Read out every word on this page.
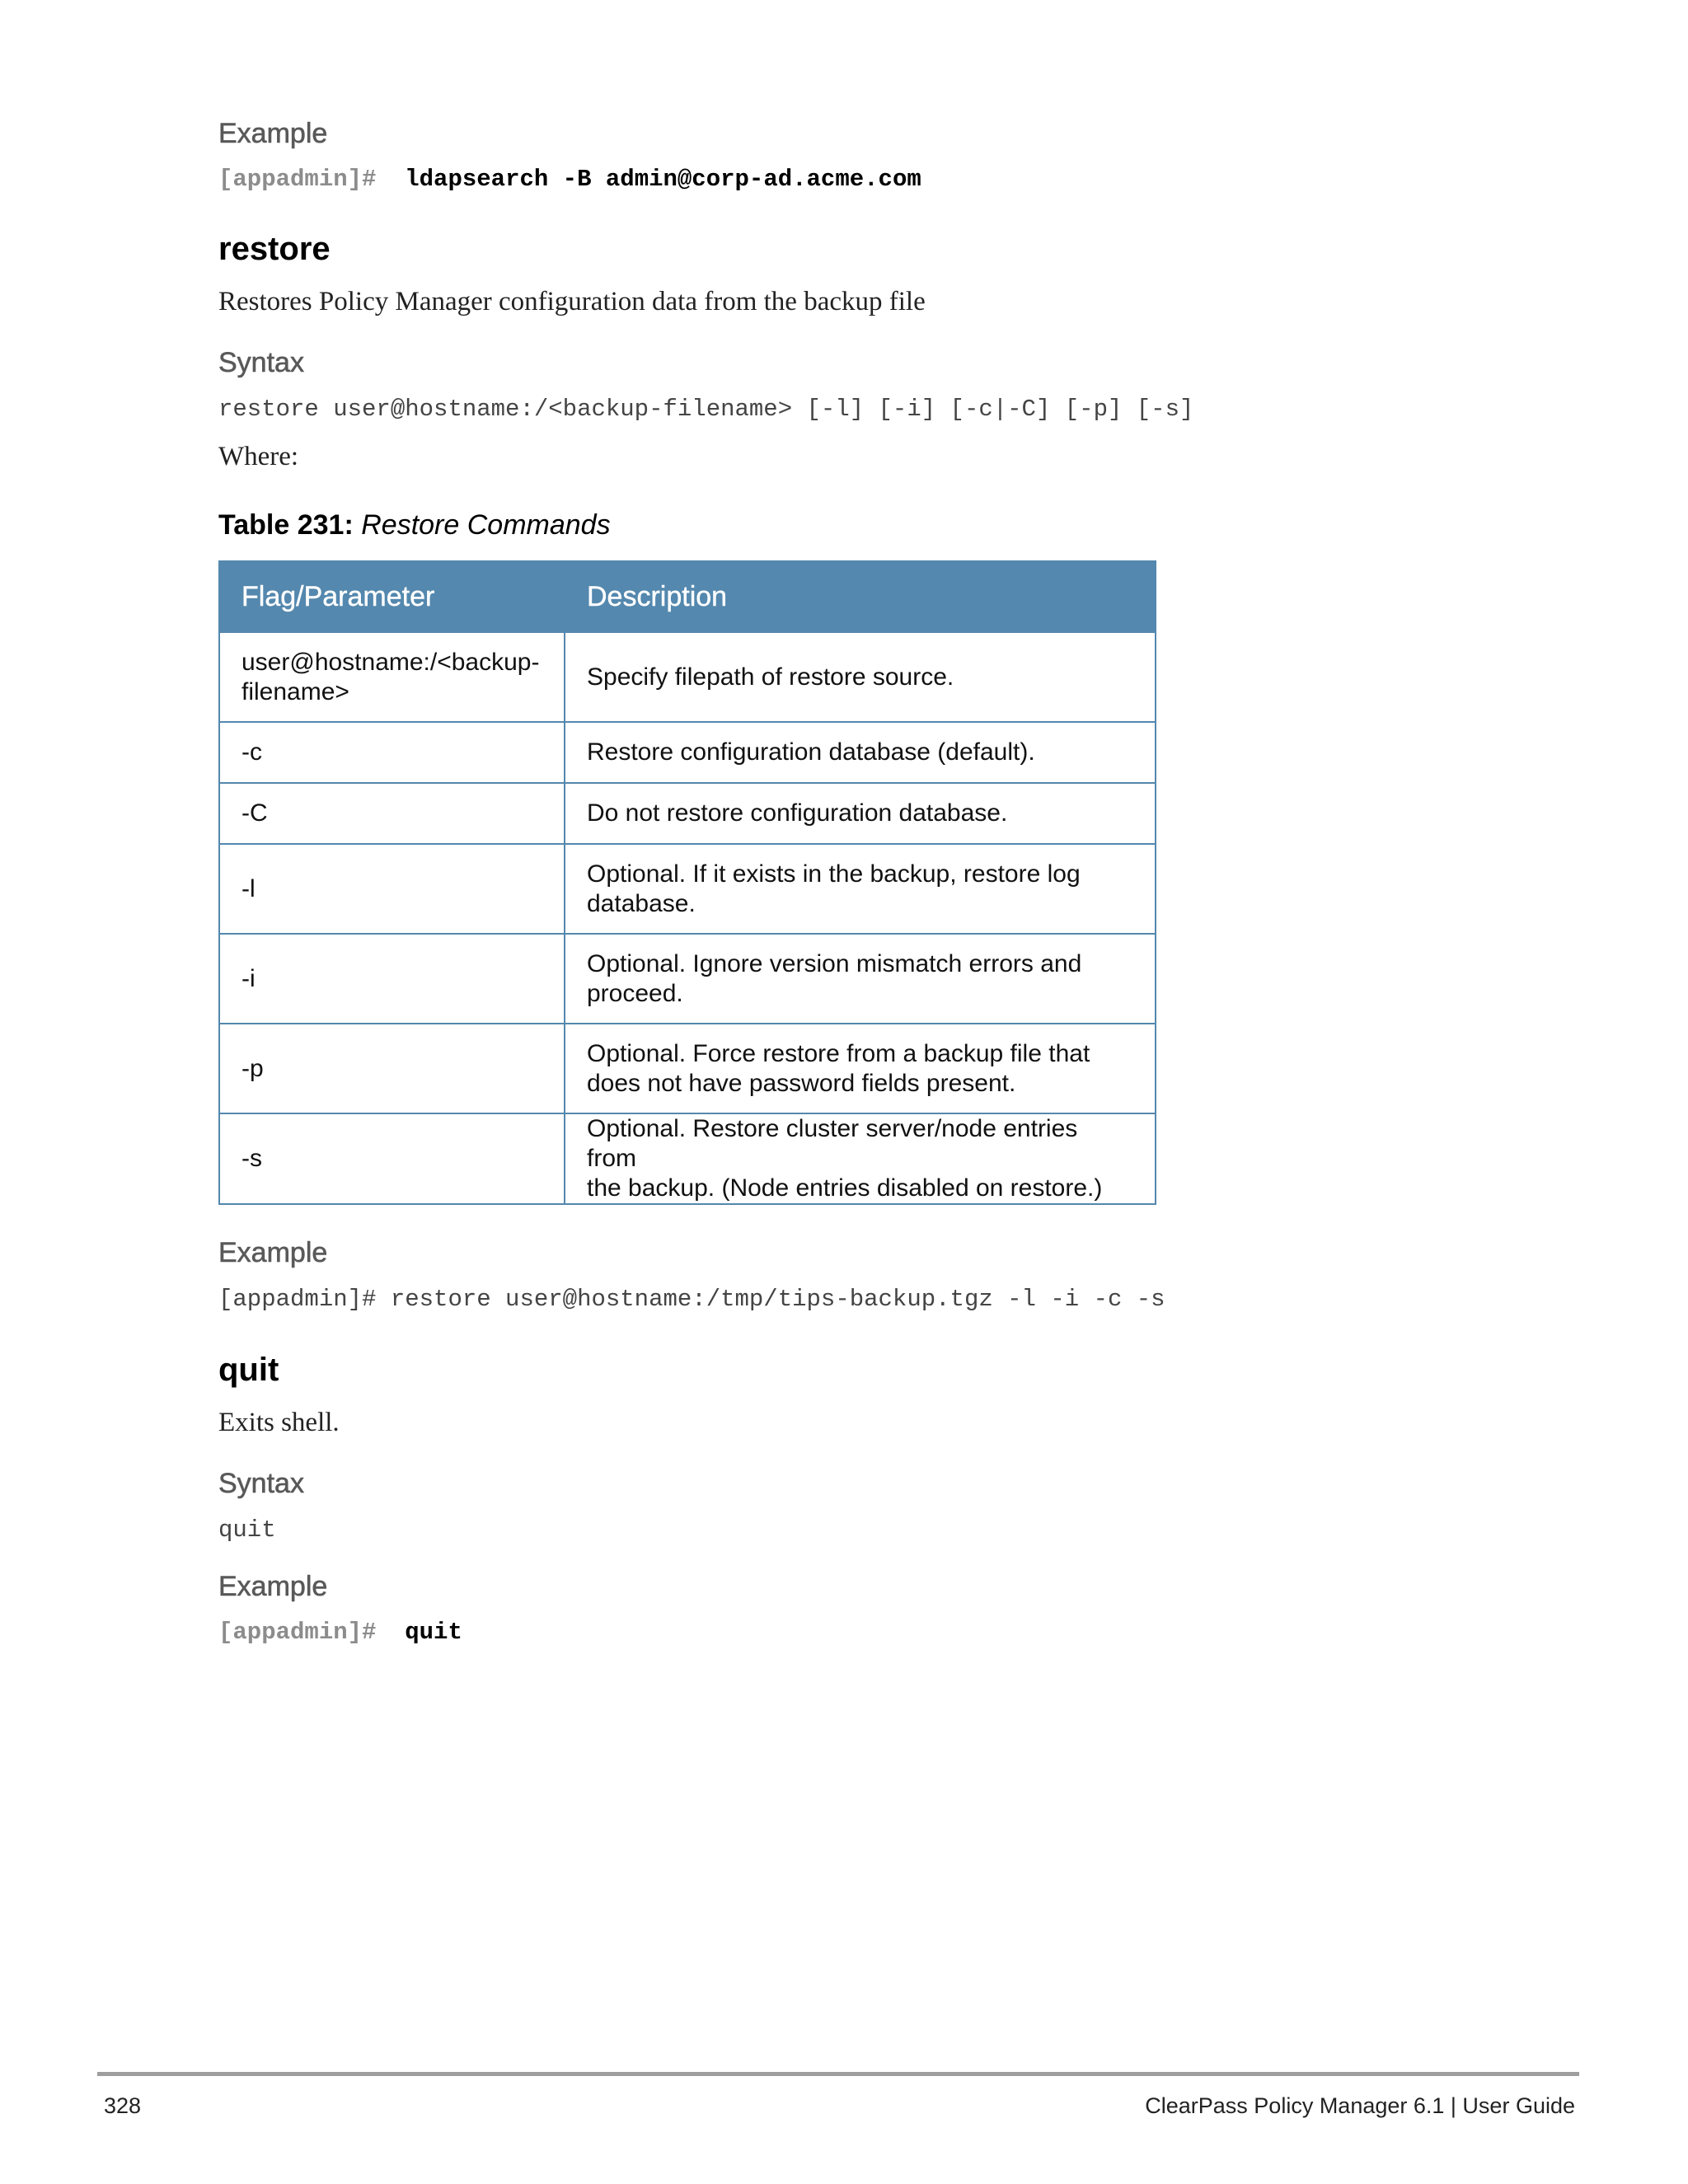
Example
[appadmin]# ldapsearch -B admin@corp-ad.acme.com
restore

Restores Policy Manager configuration data from the backup file

Syntax
restore user@hostname:/<backup-filename> [-l] [-i] [-c|-C] [-p] [-s]

Where:

Table 231: Restore Commands

Flag/Parameter	Description
user@hostname:/<backup-
filename>	Specify filepath of restore source.
-c	Restore configuration database (default).
-C	Do not restore configuration database.
-l	Optional. If it exists in the backup, restore log
database.
-i	Optional. Ignore version mismatch errors and
proceed.
-p	Optional. Force restore from a backup file that
does not have password fields present.
-s	Optional. Restore cluster server/node entries from
the backup. (Node entries disabled on restore.)
Example
[appadmin]# restore user@hostname:/tmp/tips-backup.tgz -l -i -c -s
quit

Exits shell.

Syntax
quit
Example
[appadmin]# quit

328	ClearPass Policy Manager 6.1 | User Guide
